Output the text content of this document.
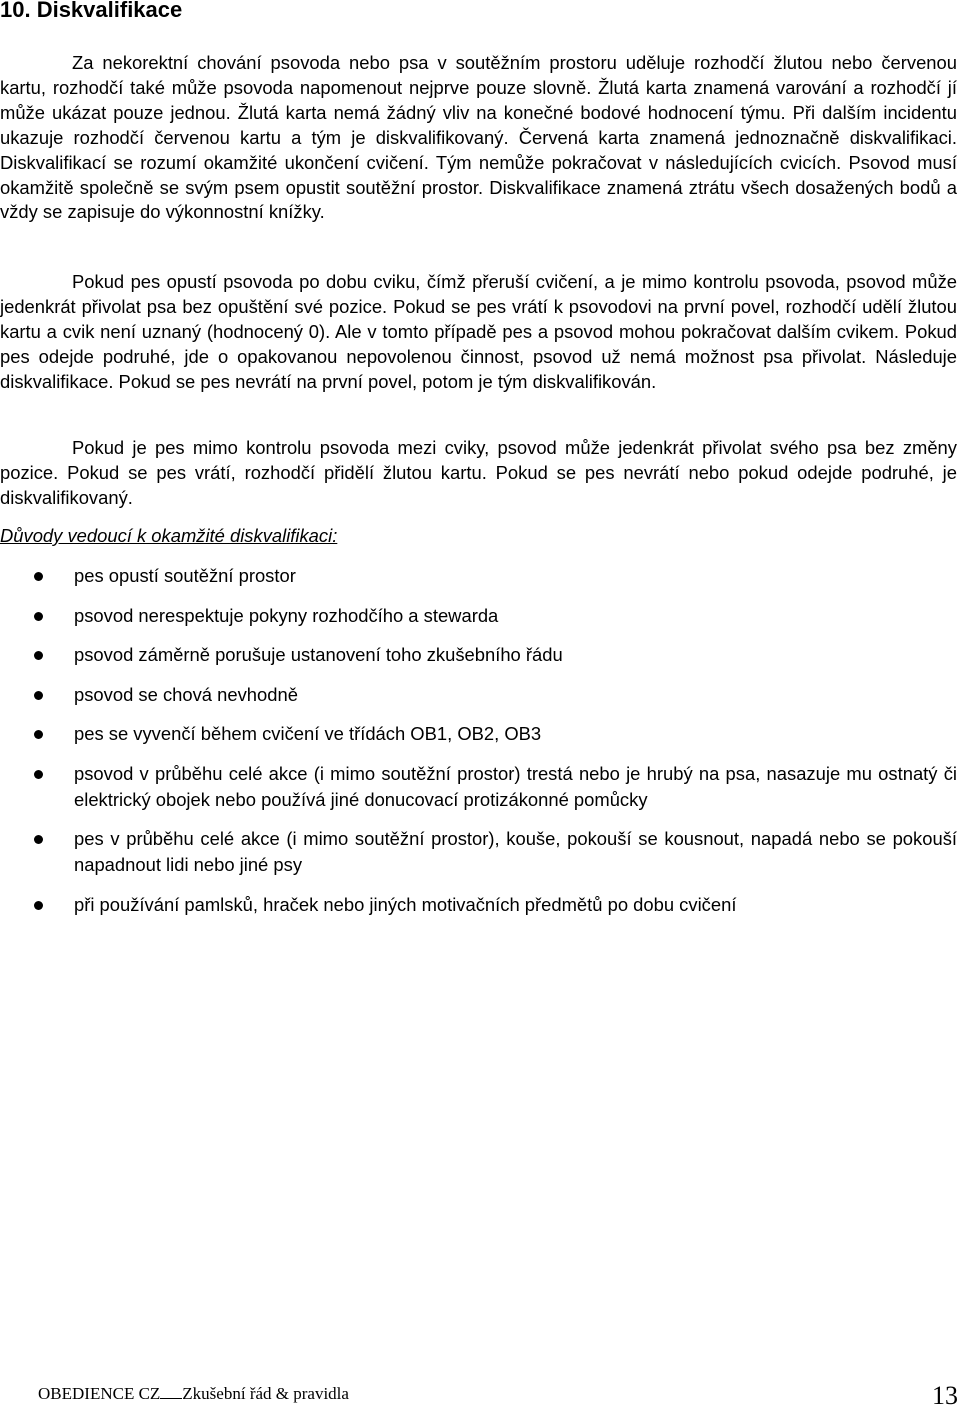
10. Diskvalifikace

Za nekorektní chování psovoda nebo psa v soutěžním prostoru uděluje rozhodčí žlutou nebo červenou kartu, rozhodčí také může psovoda napomenout nejprve pouze slovně. Žlutá karta znamená varování a rozhodčí jí může ukázat pouze jednou. Žlutá karta nemá žádný vliv na konečné bodové hodnocení týmu. Při dalším incidentu ukazuje rozhodčí červenou kartu a tým je diskvalifikovaný. Červená karta znamená jednoznačně diskvalifikaci. Diskvalifikací se rozumí okamžité ukončení cvičení. Tým nemůže pokračovat v následujících cvicích. Psovod musí okamžitě společně se svým psem opustit soutěžní prostor. Diskvalifikace znamená ztrátu všech dosažených bodů a vždy se zapisuje do výkonnostní knížky.

Pokud pes opustí psovoda po dobu cviku, čímž přeruší cvičení, a je mimo kontrolu psovoda, psovod může jedenkrát přivolat psa bez opuštění své pozice. Pokud se pes vrátí k psovodovi na první povel, rozhodčí udělí žlutou kartu a cvik není uznaný (hodnocený 0). Ale v tomto případě pes a psovod mohou pokračovat dalším cvikem. Pokud pes odejde podruhé, jde o opakovanou nepovolenou činnost, psovod už nemá možnost psa přivolat. Následuje diskvalifikace. Pokud se pes nevrátí na první povel, potom je tým diskvalifikován.

Pokud je pes mimo kontrolu psovoda mezi cviky, psovod může jedenkrát přivolat svého psa bez změny pozice. Pokud se pes vrátí, rozhodčí přidělí žlutou kartu. Pokud se pes nevrátí nebo pokud odejde podruhé, je diskvalifikovaný.

Důvody vedoucí k okamžité diskvalifikaci:

pes opustí soutěžní prostor
psovod nerespektuje pokyny rozhodčího a stewarda
psovod záměrně porušuje ustanovení toho zkušebního řádu
psovod se chová nevhodně
pes se vyvenčí během cvičení ve třídách OB1, OB2, OB3
psovod v průběhu celé akce (i mimo soutěžní prostor) trestá nebo je hrubý na psa, nasazuje mu ostnatý či elektrický obojek nebo používá jiné donucovací protizákonné pomůcky
pes v průběhu celé akce (i mimo soutěžní prostor), kouše, pokouší se kousnout, napadá nebo se pokouší napadnout lidi nebo jiné psy
při používání pamlsků, hraček nebo jiných motivačních předmětů po dobu cvičení

OBEDIENCE CZ Zkušební řád & pravidla	13
